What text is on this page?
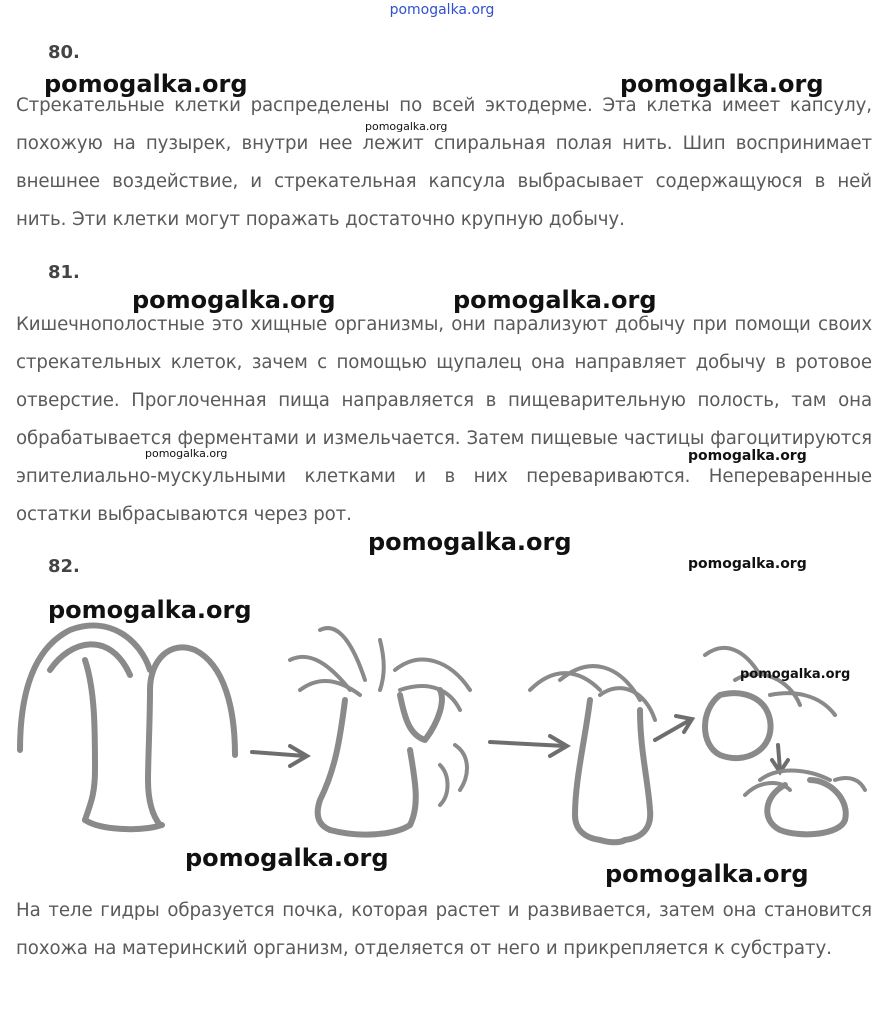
pomogalka.org
80.

Стрекательные клетки распределены по всей эктодерме. Эта клетка имеет капсулу, похожую на пузырек, внутри нее лежит спиральная полая нить. Шип воспринимает внешнее воздействие, и стрекательная капсула выбрасывает содержащуюся в ней нить. Эти клетки могут поражать достаточно крупную добычу.

81.

Кишечнополостные это хищные организмы, они парализуют добычу при помощи своих стрекательных клеток, зачем с помощью щупалец она направляет добычу в ротовое отверстие. Проглоченная пища направляется в пищеварительную полость, там она обрабатывается ферментами и измельчается. Затем пищевые частицы фагоцитируются эпителиально-мускульными клетками и в них перевариваются. Непереваренные остатки выбрасываются через рот.

82.

На теле гидры образуется почка, которая растет и развивается, затем она становится похожа на материнский организм, отделяется от него и прикрепляется к субстрату.

pomogalka.org	pomogalka.org
pomogalka.org
pomogalka.org	pomogalka.org
pomogalka.org	pomogalka.org
pomogalka.org
pomogalka.org
pomogalka.org
pomogalka.org
pomogalka.org
pomogalka.org
